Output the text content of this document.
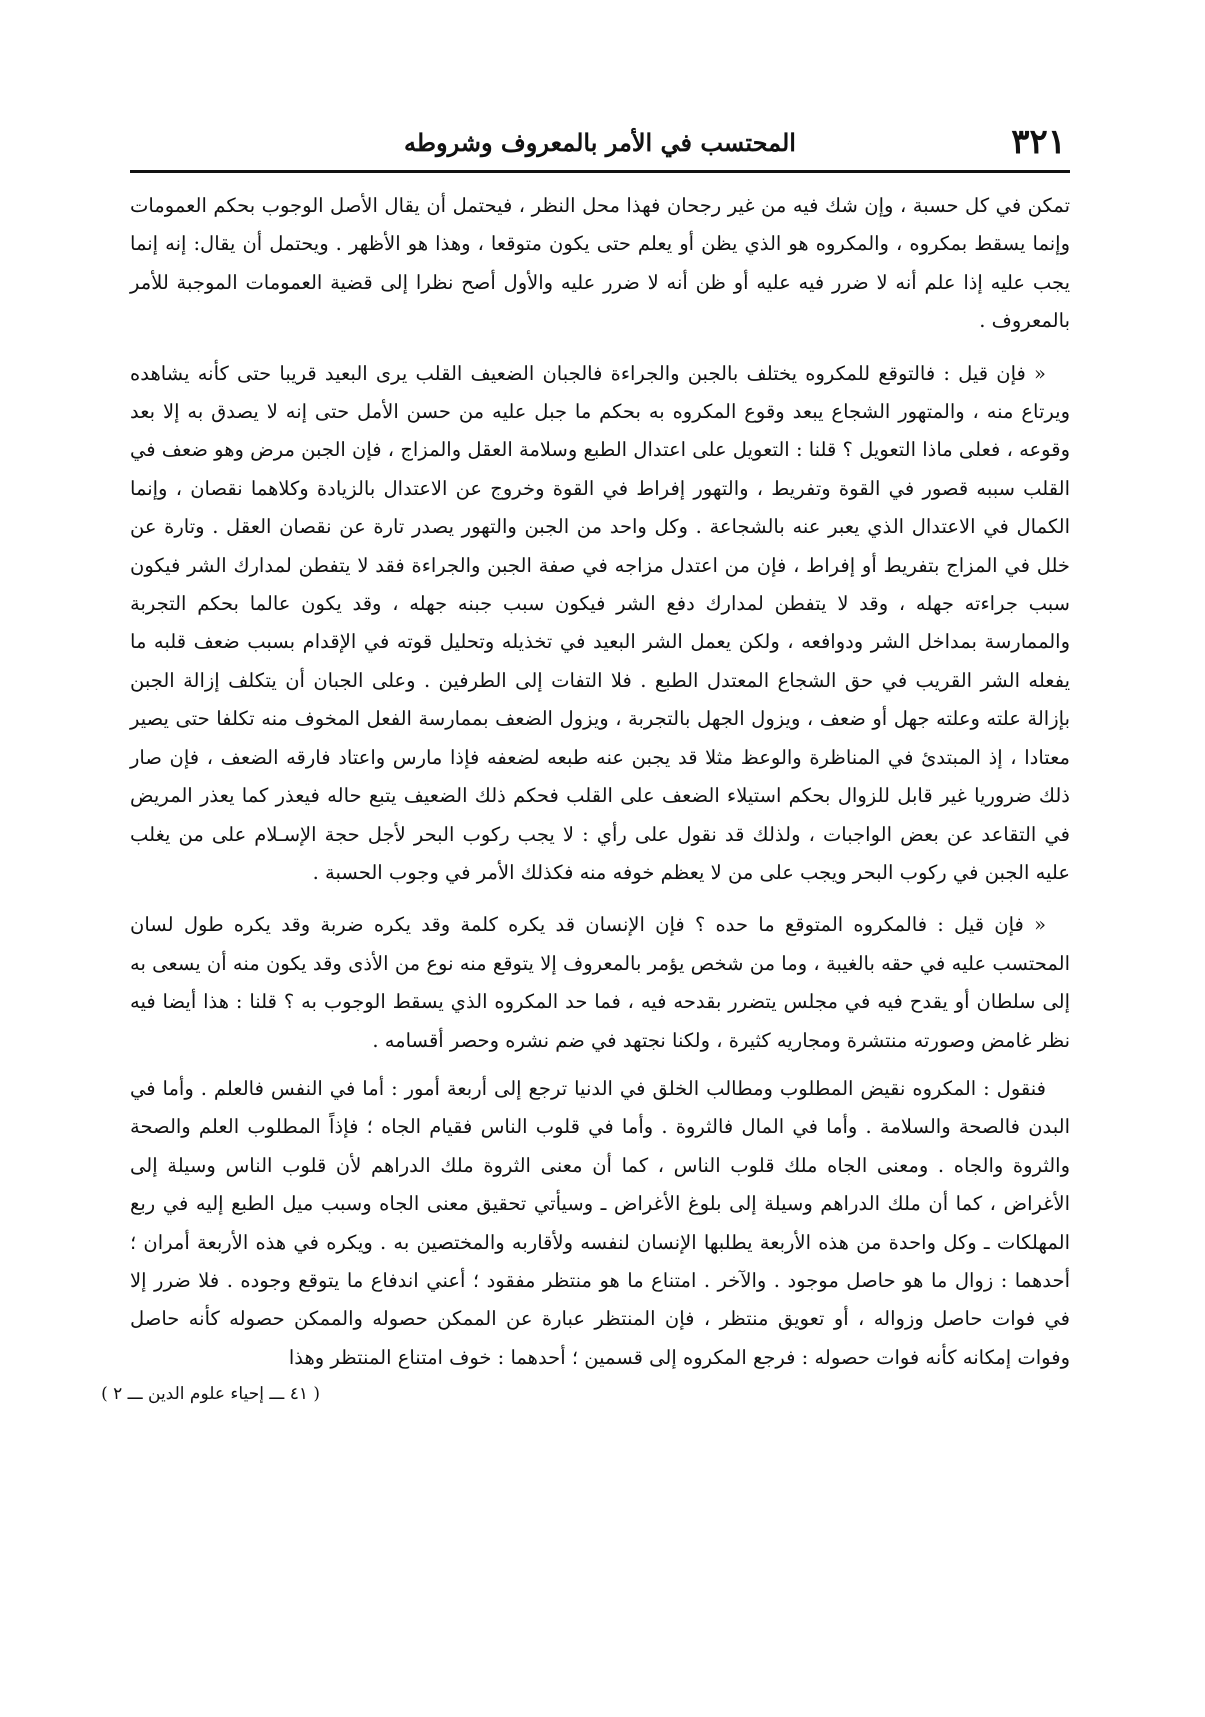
٣٢١
المحتسب في الأمر بالمعروف وشروطه

تمكن في كل حسبة ، وإن شك فيه من غير رجحان فهذا محل النظر ، فيحتمل أن يقال الأصل الوجوب بحكم العمومات وإنما يسقط بمكروه ، والمكروه هو الذي يظن أو يعلم حتى يكون متوقعا ، وهذا هو الأظهر . ويحتمل أن يقال: إنه إنما يجب عليه إذا علم أنه لا ضرر فيه عليه أو ظن أنه لا ضرر عليه والأول أصح نظرا إلى قضية العمومات الموجبة للأمر بالمعروف .

« فإن قيل : فالتوقع للمكروه يختلف بالجبن والجراءة فالجبان الضعيف القلب يرى البعيد قريبا حتى كأنه يشاهده ويرتاع منه ، والمتهور الشجاع يبعد وقوع المكروه به بحكم ما جبل عليه من حسن الأمل حتى إنه لا يصدق به إلا بعد وقوعه ، فعلى ماذا التعويل ؟ قلنا : التعويل على اعتدال الطبع وسلامة العقل والمزاج ، فإن الجبن مرض وهو ضعف في القلب سببه قصور في القوة وتفريط ، والتهور إفراط في القوة وخروج عن الاعتدال بالزيادة وكلاهما نقصان ، وإنما الكمال في الاعتدال الذي يعبر عنه بالشجاعة . وكل واحد من الجبن والتهور يصدر تارة عن نقصان العقل . وتارة عن خلل في المزاج بتفريط أو إفراط ، فإن من اعتدل مزاجه في صفة الجبن والجراءة فقد لا يتفطن لمدارك الشر فيكون سبب جراءته جهله ، وقد لا يتفطن لمدارك دفع الشر فيكون سبب جبنه جهله ، وقد يكون عالما بحكم التجربة والممارسة بمداخل الشر ودوافعه ، ولكن يعمل الشر البعيد في تخذيله وتحليل قوته في الإقدام بسبب ضعف قلبه ما يفعله الشر القريب في حق الشجاع المعتدل الطبع . فلا التفات إلى الطرفين . وعلى الجبان أن يتكلف إزالة الجبن بإزالة علته وعلته جهل أو ضعف ، ويزول الجهل بالتجربة ، ويزول الضعف بممارسة الفعل المخوف منه تكلفا حتى يصير معتادا ، إذ المبتدئ في المناظرة والوعظ مثلا قد يجبن عنه طبعه لضعفه فإذا مارس واعتاد فارقه الضعف ، فإن صار ذلك ضروريا غير قابل للزوال بحكم استيلاء الضعف على القلب فحكم ذلك الضعيف يتبع حاله فيعذر كما يعذر المريض في التقاعد عن بعض الواجبات ، ولذلك قد نقول على رأي : لا يجب ركوب البحر لأجل حجة الإسـلام على من يغلب عليه الجبن في ركوب البحر ويجب على من لا يعظم خوفه منه فكذلك الأمر في وجوب الحسبة .

« فإن قيل : فالمكروه المتوقع ما حده ؟ فإن الإنسان قد يكره كلمة وقد يكره ضربة وقد يكره طول لسان المحتسب عليه في حقه بالغيبة ، وما من شخص يؤمر بالمعروف إلا يتوقع منه نوع من الأذى وقد يكون منه أن يسعى به إلى سلطان أو يقدح فيه في مجلس يتضرر بقدحه فيه ، فما حد المكروه الذي يسقط الوجوب به ؟ قلنا : هذا أيضا فيه نظر غامض وصورته منتشرة ومجاريه كثيرة ، ولكنا نجتهد في ضم نشره وحصر أقسامه .

فنقول : المكروه نقيض المطلوب ومطالب الخلق في الدنيا ترجع إلى أربعة أمور : أما في النفس فالعلم . وأما في البدن فالصحة والسلامة . وأما في المال فالثروة . وأما في قلوب الناس فقيام الجاه ؛ فإذاً المطلوب العلم والصحة والثروة والجاه . ومعنى الجاه ملك قلوب الناس ، كما أن معنى الثروة ملك الدراهم لأن قلوب الناس وسيلة إلى الأغراض ، كما أن ملك الدراهم وسيلة إلى بلوغ الأغراض ـ وسيأتي تحقيق معنى الجاه وسبب ميل الطبع إليه في ربع المهلكات ـ وكل واحدة من هذه الأربعة يطلبها الإنسان لنفسه ولأقاربه والمختصين به . ويكره في هذه الأربعة أمران ؛ أحدهما : زوال ما هو حاصل موجود . والآخر . امتناع ما هو منتظر مفقود ؛ أعني اندفاع ما يتوقع وجوده . فلا ضرر إلا في فوات حاصل وزواله ، أو تعويق منتظر ، فإن المنتظر عبارة عن الممكن حصوله والممكن حصوله كأنه حاصل وفوات إمكانه كأنه فوات حصوله : فرجع المكروه إلى قسمين ؛ أحدهما : خوف امتناع المنتظر وهذا

( ٤١ ـــ إحياء علوم الدين ـــ ٢ )
